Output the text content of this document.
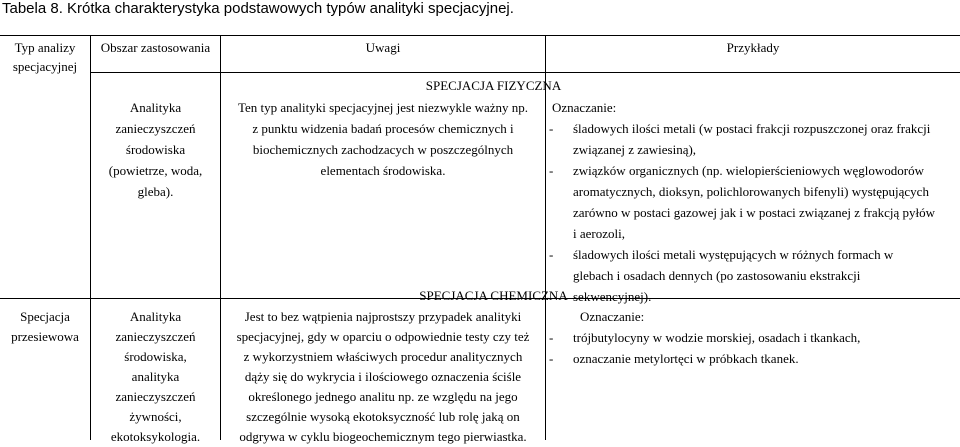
Tabela 8. Krótka charakterystyka podstawowych typów analityki specjacyjnej.
Typ analizy
specjacyjnej
Obszar zastosowania	Uwagi	Przykłady
SPECJACJA FIZYCZNA
SPECJACJA CHEMICZNA
Analityka
zanieczyszczeń
środowiska
(powietrze, woda,
gleba).
Ten typ analityki specjacyjnej jest niezwykle ważny np.
z punktu widzenia badań procesów chemicznych i
biochemicznych zachodzacych w poszczególnych
elementach środowiska.
Oznaczanie:
- śladowych ilości metali (w postaci frakcji rozpuszczonej oraz frakcji
związanej z zawiesiną),
- związków organicznych (np. wielopierścieniowych węglowodorów
aromatycznych, dioksyn, polichlorowanych bifenyli) występujących
zarówno w postaci gazowej jak i w postaci związanej z frakcją pyłów
i aerozoli,
- śladowych ilości metali występujących w różnych formach w
glebach i osadach dennych (po zastosowaniu ekstrakcji
sekwencyjnej).
Specjacja
przesiewowa
Analityka
zanieczyszczeń
środowiska,
analityka
zanieczyszczeń
żywności,
ekotoksykologia.
Jest to bez wątpienia najprostszy przypadek analityki
specjacyjnej, gdy w oparciu o odpowiednie testy czy też
z wykorzystniem właściwych procedur analitycznych
dąży się do wykrycia i ilościowego oznaczenia ściśle
określonego jednego analitu np. ze względu na jego
szczególnie wysoką ekotoksyczność lub rolę jaką on
Oznaczanie:
- trójbutylocyny w wodzie morskiej, osadach i tkankach,
- oznaczanie metylortęci w próbkach tkanek.
odgrywa w cyklu biogeochemicznym tego pierwiastka.
